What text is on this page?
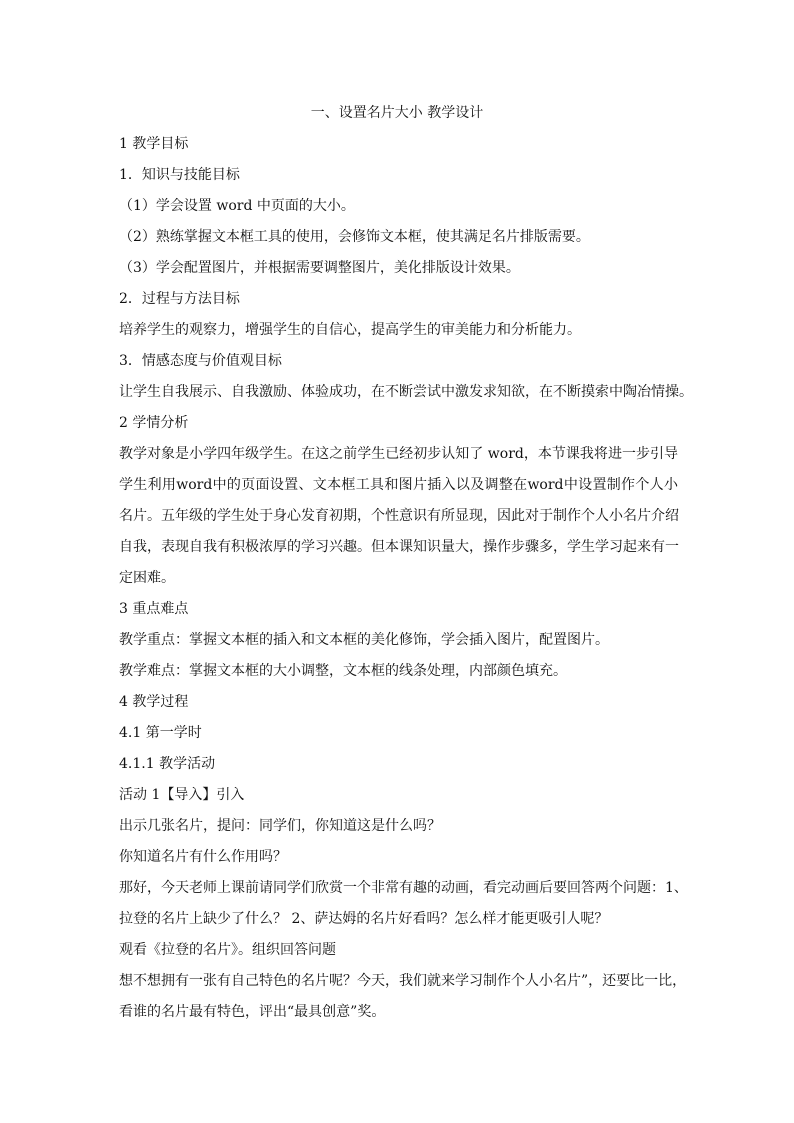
一、设置名片大小 教学设计
1 教学目标
1．知识与技能目标
（1）学会设置 word 中页面的大小。
（2）熟练掌握文本框工具的使用，会修饰文本框，使其满足名片排版需要。
（3）学会配置图片，并根据需要调整图片，美化排版设计效果。
2．过程与方法目标
培养学生的观察力，增强学生的自信心，提高学生的审美能力和分析能力。
3．情感态度与价值观目标
让学生自我展示、自我激励、体验成功，在不断尝试中激发求知欲，在不断摸索中陶冶情操。
2 学情分析
教学对象是小学四年级学生。在这之前学生已经初步认知了 word，本节课我将进一步引导
学生利用word中的页面设置、文本框工具和图片插入以及调整在word中设置制作个人小
名片。五年级的学生处于身心发育初期，个性意识有所显现，因此对于制作个人小名片介绍
自我，表现自我有积极浓厚的学习兴趣。但本课知识量大，操作步骤多，学生学习起来有一
定困难。
3 重点难点
教学重点：掌握文本框的插入和文本框的美化修饰，学会插入图片，配置图片。
教学难点：掌握文本框的大小调整，文本框的线条处理，内部颜色填充。
4 教学过程
4.1 第一学时
4.1.1 教学活动
活动 1【导入】引入
出示几张名片，提问：同学们，你知道这是什么吗？
你知道名片有什么作用吗？
那好，今天老师上课前请同学们欣赏一个非常有趣的动画，看完动画后要回答两个问题：1、
拉登的名片上缺少了什么？ 2、萨达姆的名片好看吗？怎么样才能更吸引人呢？
观看《拉登的名片》。组织回答问题
想不想拥有一张有自己特色的名片呢？今天，我们就来学习制作个人小名片”，还要比一比，
看谁的名片最有特色，评出“最具创意”奖。
